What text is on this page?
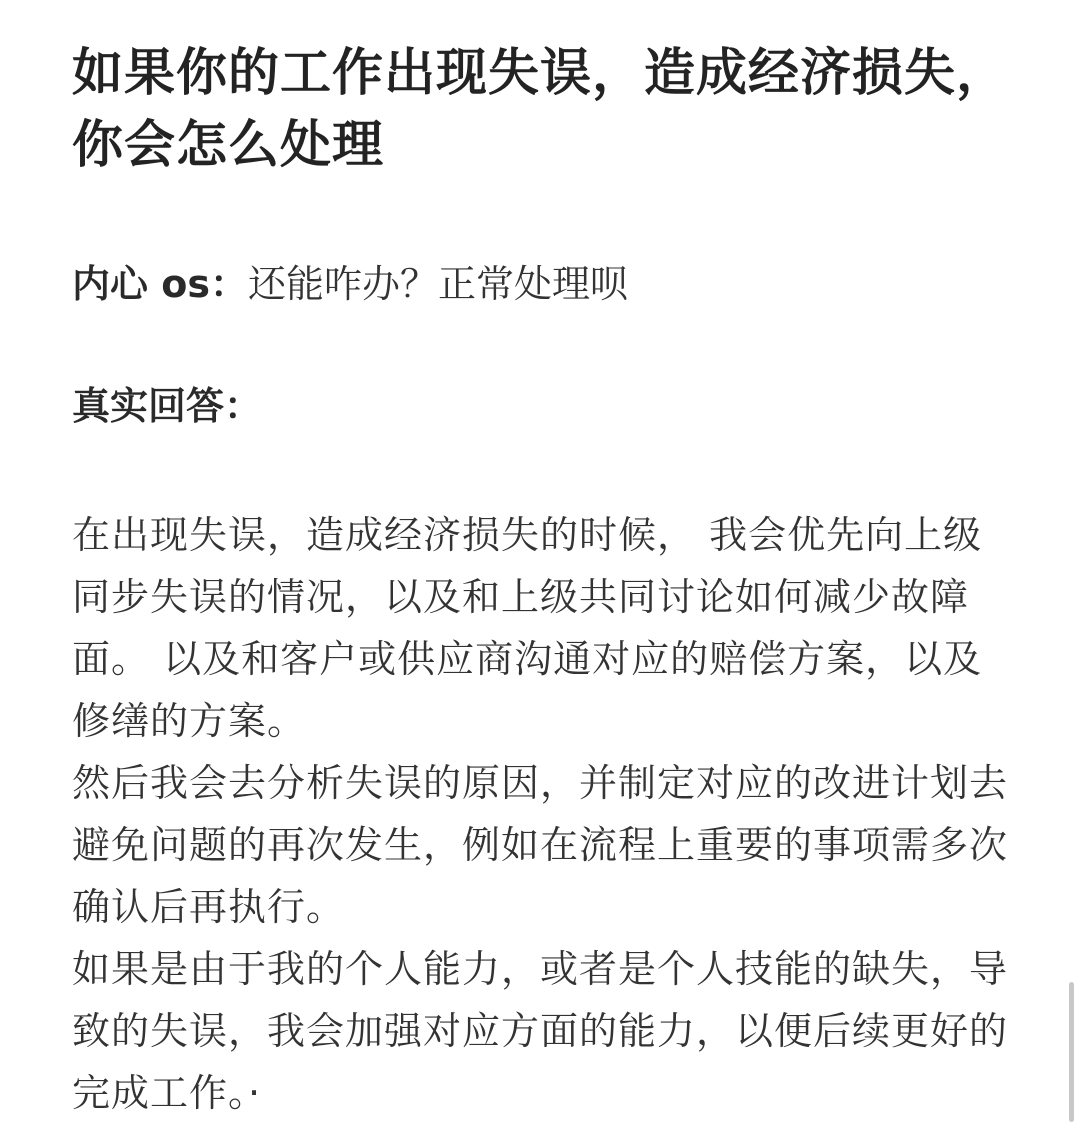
如果你的工作出现失误，造成经济损失，你会怎么处理

内心 os：还能咋办？正常处理呗

真实回答：

在出现失误，造成经济损失的时候， 我会优先向上级同步失误的情况，以及和上级共同讨论如何减少故障面。 以及和客户或供应商沟通对应的赔偿方案，以及修缮的方案。

然后我会去分析失误的原因，并制定对应的改进计划去避免问题的再次发生，例如在流程上重要的事项需多次确认后再执行。

如果是由于我的个人能力，或者是个人技能的缺失，导致的失误，我会加强对应方面的能力，以便后续更好的完成工作。·
